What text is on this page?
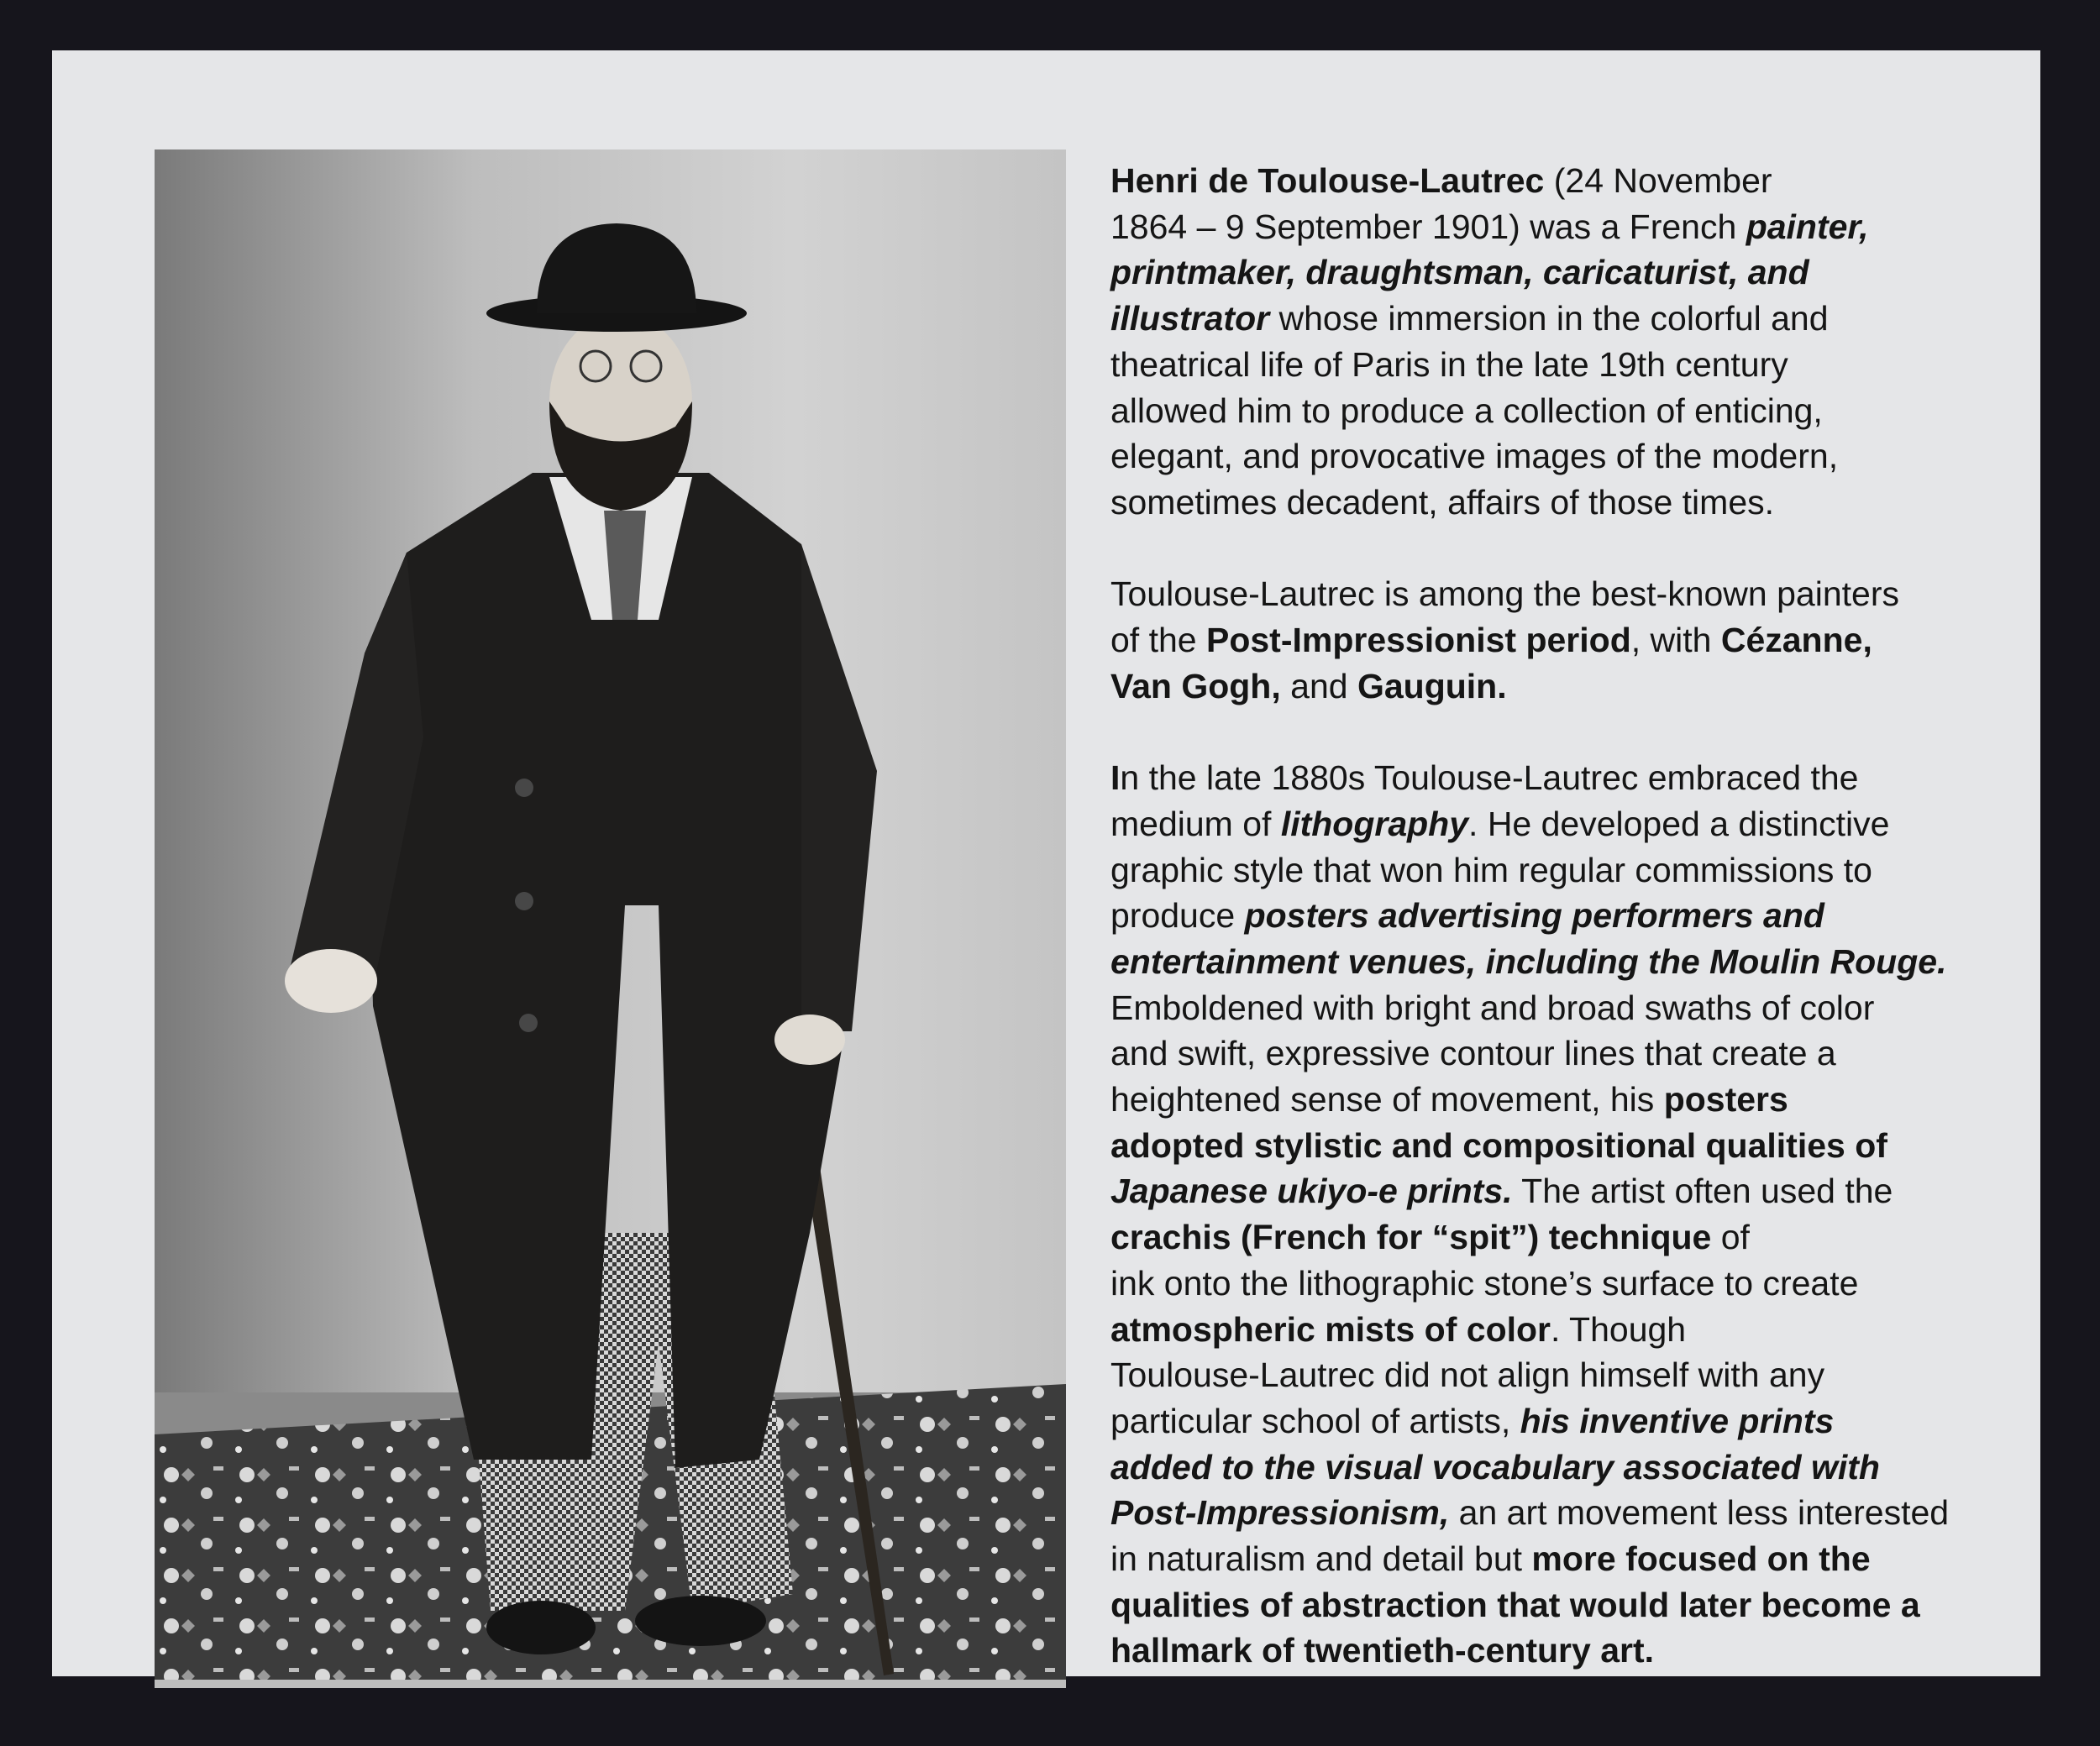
Henri de Toulouse-Lautrec (24 November

1864 – 9 September 1901) was a French painter,

printmaker, draughtsman, caricaturist, and

illustrator whose immersion in the colorful and

theatrical life of Paris in the late 19th century

allowed him to produce a collection of enticing,

elegant, and provocative images of the modern,

sometimes decadent, affairs of those times.

Toulouse-Lautrec is among the best-known painters

of the Post-Impressionist period, with Cézanne,

Van Gogh, and Gauguin.

In the late 1880s Toulouse-Lautrec embraced the

medium of lithography. He developed a distinctive

graphic style that won him regular commissions to

produce posters advertising performers and

entertainment venues, including the Moulin Rouge.

Emboldened with bright and broad swaths of color

and swift, expressive contour lines that create a

heightened sense of movement, his posters

adopted stylistic and compositional qualities of

Japanese ukiyo-e prints. The artist often used the

crachis (French for “spit”) technique of

ink onto the lithographic stone’s surface to create

atmospheric mists of color. Though

Toulouse-Lautrec did not align himself with any

particular school of artists, his inventive prints

added to the visual vocabulary associated with

Post-Impressionism, an art movement less interested

in naturalism and detail but more focused on the

qualities of abstraction that would later become a

hallmark of twentieth-century art.
